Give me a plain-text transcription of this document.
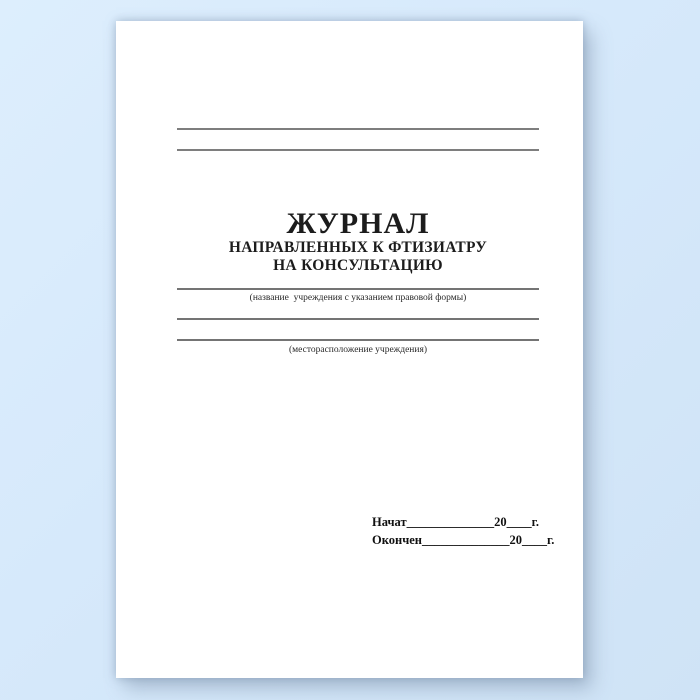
ЖУРНАЛ
НАПРАВЛЕННЫХ К ФТИЗИАТРУ
НА КОНСУЛЬТАЦИЮ
(название  учреждения с указанием правовой формы)
(месторасположение учреждения)
Начат______________20____г.
Окончен______________20____г.
